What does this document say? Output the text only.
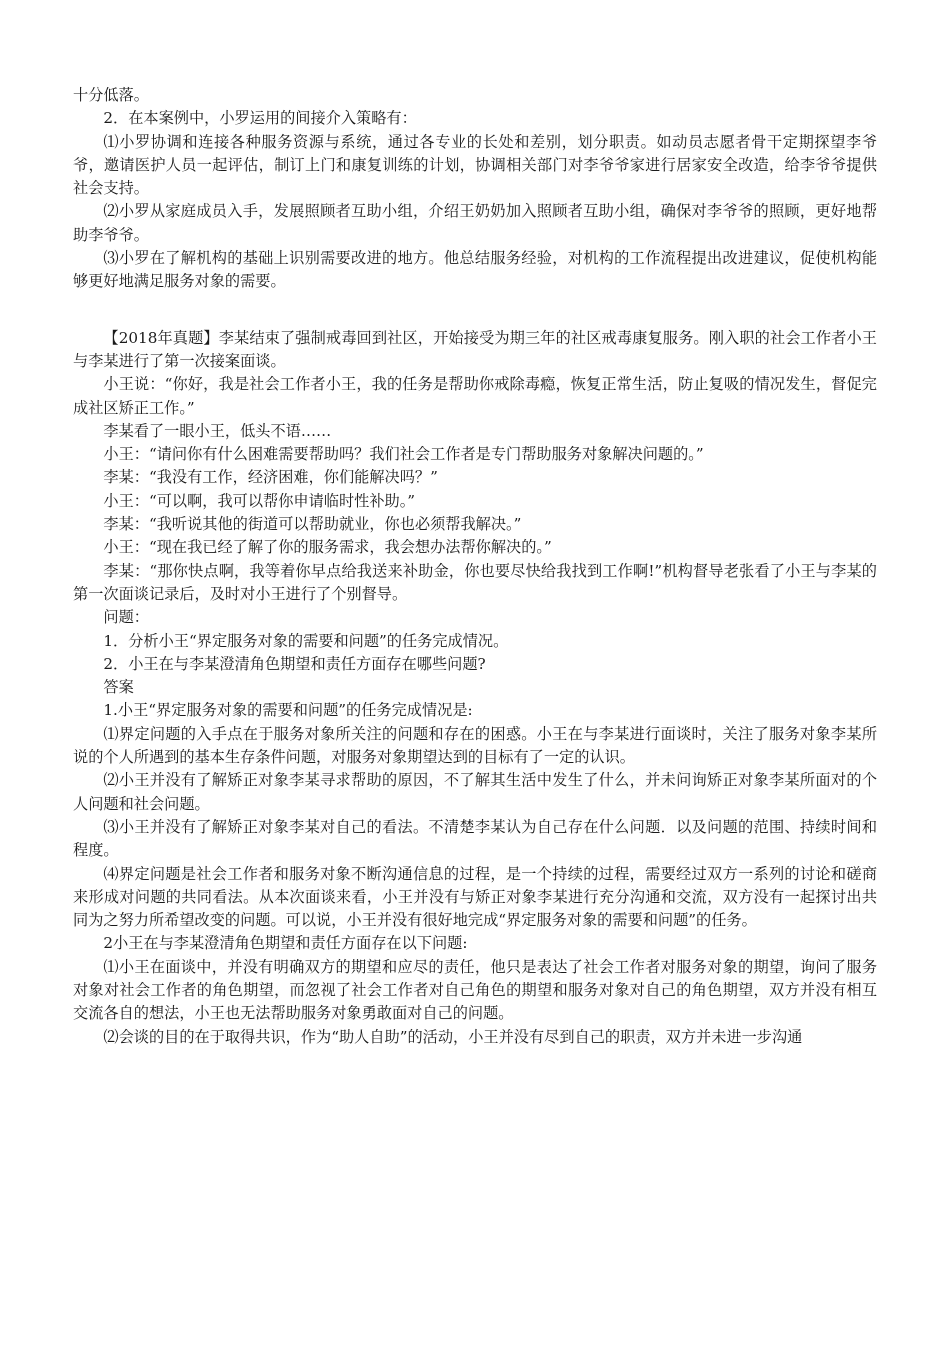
十分低落。

2．在本案例中，小罗运用的间接介入策略有：

⑴小罗协调和连接各种服务资源与系统，通过各专业的长处和差别，划分职责。如动员志愿者骨干定期探望李爷爷，邀请医护人员一起评估，制订上门和康复训练的计划，协调相关部门对李爷爷家进行居家安全改造，给李爷爷提供社会支持。

⑵小罗从家庭成员入手，发展照顾者互助小组，介绍王奶奶加入照顾者互助小组，确保对李爷爷的照顾，更好地帮助李爷爷。

⑶小罗在了解机构的基础上识别需要改进的地方。他总结服务经验，对机构的工作流程提出改进建议，促使机构能够更好地满足服务对象的需要。

【2018年真题】李某结束了强制戒毒回到社区，开始接受为期三年的社区戒毒康复服务。刚入职的社会工作者小王与李某进行了第一次接案面谈。

小王说：“你好，我是社会工作者小王，我的任务是帮助你戒除毒瘾，恢复正常生活，防止复吸的情况发生，督促完成社区矫正工作。”

李某看了一眼小王，低头不语……

小王：“请问你有什么困难需要帮助吗？我们社会工作者是专门帮助服务对象解决问题的。”

李某：“我没有工作，经济困难，你们能解决吗？”

小王：“可以啊，我可以帮你申请临时性补助。”

李某：“我听说其他的街道可以帮助就业，你也必须帮我解决。”

小王：“现在我已经了解了你的服务需求，我会想办法帮你解决的。”

李某：“那你快点啊，我等着你早点给我送来补助金，你也要尽快给我找到工作啊!”机构督导老张看了小王与李某的第一次面谈记录后，及时对小王进行了个别督导。

问题：

1．分析小王“界定服务对象的需要和问题”的任务完成情况。

2．小王在与李某澄清角色期望和责任方面存在哪些问题?

答案

1.小王“界定服务对象的需要和问题”的任务完成情况是:

⑴界定问题的入手点在于服务对象所关注的问题和存在的困惑。小王在与李某进行面谈时，关注了服务对象李某所说的个人所遇到的基本生存条件问题，对服务对象期望达到的目标有了一定的认识。

⑵小王并没有了解矫正对象李某寻求帮助的原因，不了解其生活中发生了什么，并未问询矫正对象李某所面对的个人问题和社会问题。

⑶小王并没有了解矫正对象李某对自己的看法。不清楚李某认为自己存在什么问题．以及问题的范围、持续时间和程度。

⑷界定问题是社会工作者和服务对象不断沟通信息的过程，是一个持续的过程，需要经过双方一系列的讨论和磋商来形成对问题的共同看法。从本次面谈来看，小王并没有与矫正对象李某进行充分沟通和交流，双方没有一起探讨出共同为之努力所希望改变的问题。可以说，小王并没有很好地完成“界定服务对象的需要和问题”的任务。

2小王在与李某澄清角色期望和责任方面存在以下问题:

⑴小王在面谈中，并没有明确双方的期望和应尽的责任，他只是表达了社会工作者对服务对象的期望，询问了服务对象对社会工作者的角色期望，而忽视了社会工作者对自己角色的期望和服务对象对自己的角色期望，双方并没有相互交流各自的想法，小王也无法帮助服务对象勇敢面对自己的问题。

⑵会谈的目的在于取得共识，作为“助人自助”的活动，小王并没有尽到自己的职责，双方并未进一步沟通
